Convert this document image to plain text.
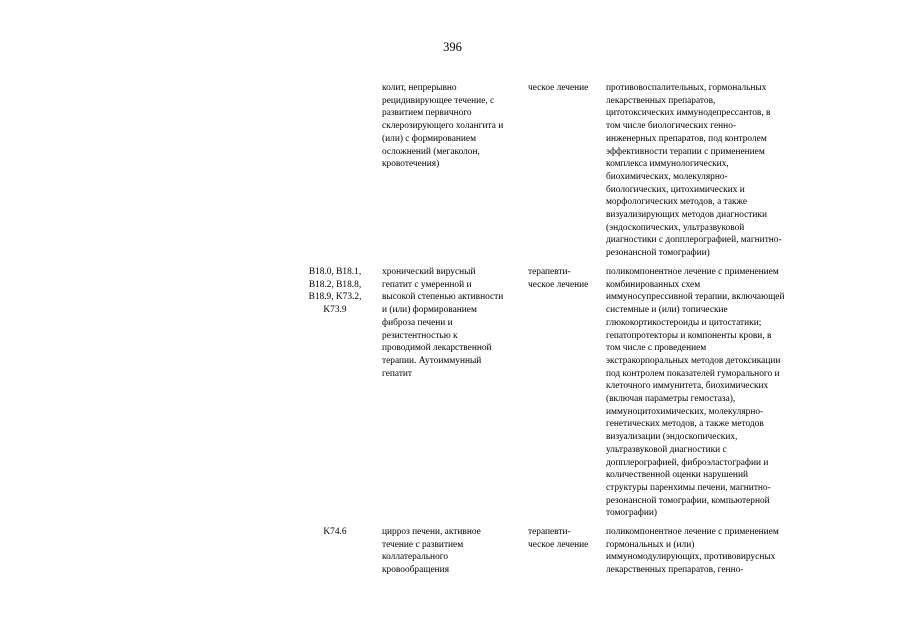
396
колит, непрерывно
рецидивирующее течение, с
развитием первичного
склерозирующего холангита и
(или) с формированием
осложнений (мегаколон,
кровотечения)
ческое лечение	противовоспалительных, гормональных
лекарственных препаратов,
цитотоксических иммунодепрессантов, в
том числе биологических генно-
инженерных препаратов, под контролем
эффективности терапии с применением
комплекса иммунологических,
биохимических, молекулярно-
биологических, цитохимических и
морфологических методов, а также
визуализирующих методов диагностики
(эндоскопических, ультразвуковой
диагностики с допплерографией, магнитно-
резонансной томографии)
B18.0, B18.1,
B18.2, B18.8,
B18.9, K73.2,
K73.9
хронический вирусный
гепатит с умеренной и
высокой степенью активности
и (или) формированием
фиброза печени и
резистентностью к
проводимой лекарственной
терапии. Аутоиммунный
гепатит
терапевти-
ческое лечение
поликомпонентное лечение с применением
комбинированных схем
иммуносупрессивной терапии, включающей
системные и (или) топические
глюкокортикостероиды и цитостатики;
гепатопротекторы и компоненты крови, в
том числе с проведением
экстракорпоральных методов детоксикации
под контролем показателей гуморального и
клеточного иммунитета, биохимических
(включая параметры гемостаза),
иммуноцитохимических, молекулярно-
генетических методов, а также методов
визуализации (эндоскопических,
ультразвуковой диагностики с
допплерографией, фиброэластографии и
количественной оценки нарушений
структуры паренхимы печени, магнитно-
резонансной томографии, компьютерной
томографии)
K74.6	цирроз печени, активное
течение с развитием
коллатерального
кровообращения
терапевти-
ческое лечение
поликомпонентное лечение с применением
гормональных и (или)
иммуномодулирующих, противовирусных
лекарственных препаратов, генно-
